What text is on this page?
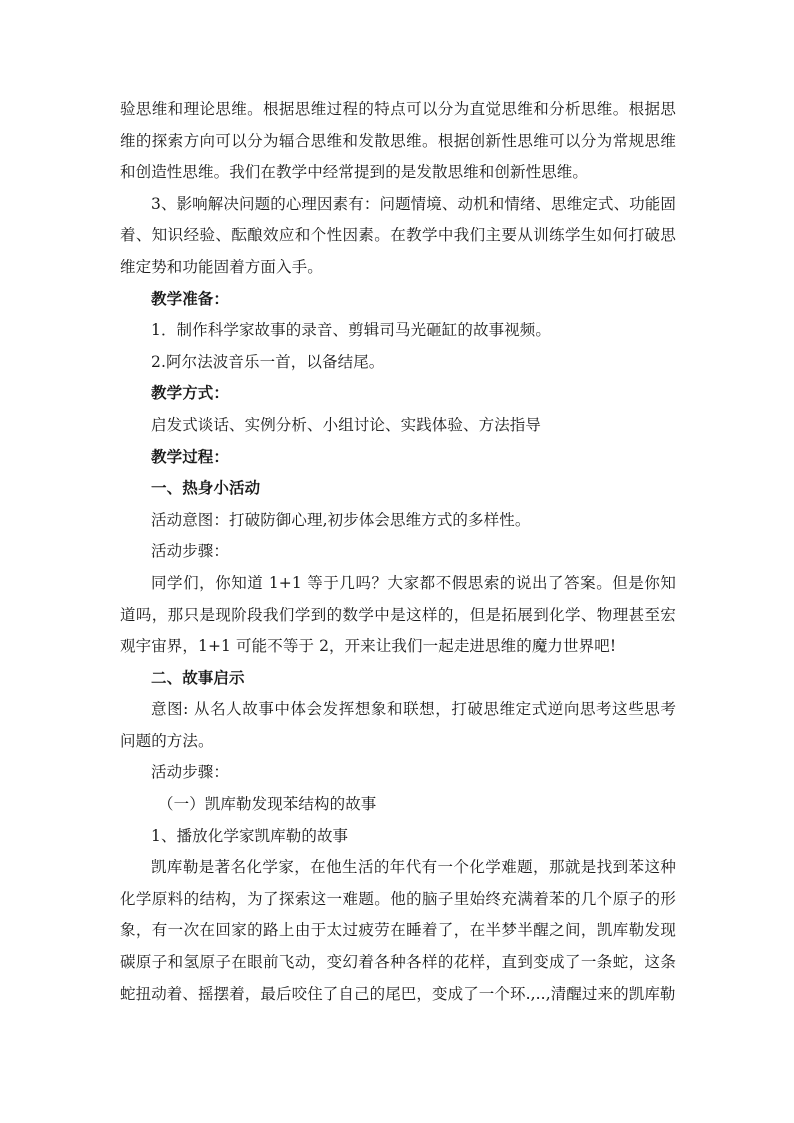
验思维和理论思维。根据思维过程的特点可以分为直觉思维和分析思维。根据思维的探索方向可以分为辐合思维和发散思维。根据创新性思维可以分为常规思维和创造性思维。我们在教学中经常提到的是发散思维和创新性思维。

3、影响解决问题的心理因素有：问题情境、动机和情绪、思维定式、功能固着、知识经验、酝酿效应和个性因素。在教学中我们主要从训练学生如何打破思维定势和功能固着方面入手。

教学准备：

1．制作科学家故事的录音、剪辑司马光砸缸的故事视频。

2.阿尔法波音乐一首，以备结尾。

教学方式：

启发式谈话、实例分析、小组讨论、实践体验、方法指导

教学过程：

一、热身小活动

活动意图：打破防御心理,初步体会思维方式的多样性。

活动步骤：

同学们，你知道 1+1 等于几吗？大家都不假思索的说出了答案。但是你知道吗，那只是现阶段我们学到的数学中是这样的，但是拓展到化学、物理甚至宏观宇宙界，1+1 可能不等于 2，开来让我们一起走进思维的魔力世界吧!

二、故事启示

意图: 从名人故事中体会发挥想象和联想，打破思维定式逆向思考这些思考问题的方法。

活动步骤：

（一）凯库勒发现苯结构的故事

1、播放化学家凯库勒的故事

凯库勒是著名化学家，在他生活的年代有一个化学难题，那就是找到苯这种化学原料的结构，为了探索这一难题。他的脑子里始终充满着苯的几个原子的形象，有一次在回家的路上由于太过疲劳在睡着了，在半梦半醒之间，凯库勒发现碳原子和氢原子在眼前飞动，变幻着各种各样的花样，直到变成了一条蛇，这条蛇扭动着、摇摆着，最后咬住了自己的尾巴，变成了一个环.,..,清醒过来的凯库勒
